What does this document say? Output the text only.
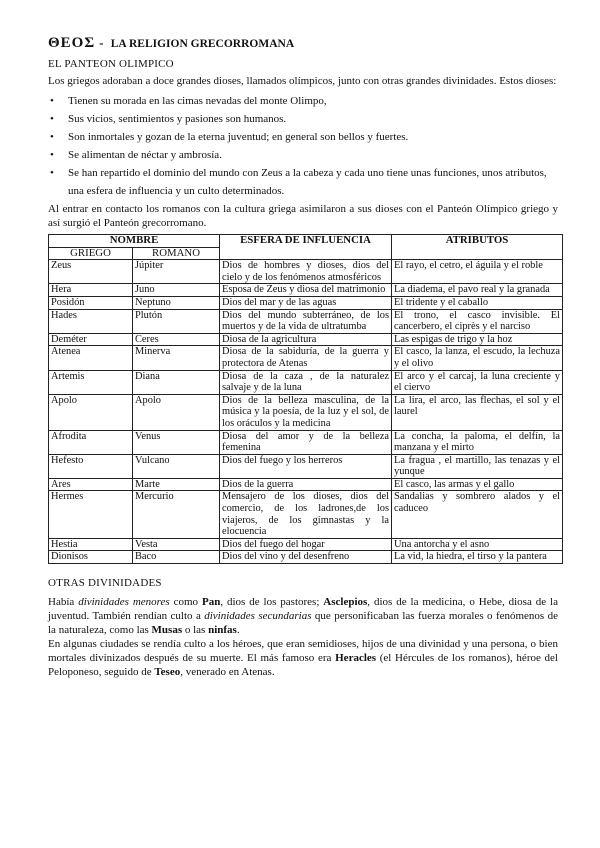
ΘΕΟΣ - LA RELIGION GRECORROMANA
EL PANTEON OLIMPICO

Los griegos adoraban a doce grandes dioses, llamados olímpicos, junto con otras grandes divinidades. Estos dioses:

• Tienen su morada en las cimas nevadas del monte Olimpo,
• Sus vicios, sentimientos y pasiones son humanos.
• Son inmortales y gozan de la eterna juventud; en general son bellos y fuertes.
• Se alimentan de néctar y ambrosía.
• Se han repartido el dominio del mundo con Zeus a la cabeza y cada uno tiene unas funciones, unos atributos, una esfera de influencia y un culto determinados.

Al entrar en contacto los romanos con la cultura griega asimilaron a sus dioses con el Panteón Olímpico griego y así surgió el Panteón grecorromano.

NOMBRE		ESFERA DE INFLUENCIA	ATRIBUTOS
GRIEGO	ROMANO		
Zeus	Júpiter	Dios de hombres y dioses, dios del cielo y de los fenómenos atmosféricos	El rayo, el cetro, el águila y el roble
Hera	Juno	Esposa de Zeus y diosa del matrimonio	La diadema, el pavo real y la granada
Posidón	Neptuno	Dios del mar y de las aguas	El tridente y el caballo
Hades	Plutón	Dios del mundo subterráneo, de los muertos y de la vida de ultratumba	El trono, el casco invisible. El cancerbero, el ciprès y el narciso
Deméter	Ceres	Diosa de la agricultura	Las espigas de trigo y la hoz
Atenea	Minerva	Diosa de la sabiduría, de la guerra y protectora de Atenas	El casco, la lanza, el escudo, la lechuza y el olivo
Artemis	Diana	Diosa de la caza , de la naturalez salvaje y de la luna	El arco y el carcaj, la luna creciente y el ciervo
Apolo	Apolo	Dios de la belleza masculina, de la música y la poesía, de la luz y el sol, de los oráculos y la medicina	La lira, el arco, las flechas, el sol y el laurel
Afrodita	Venus	Diosa del amor y de la belleza femenina	La concha, la paloma, el delfín, la manzana y el mirto
Hefesto	Vulcano	Dios del fuego y los herreros	La fragua , el martillo, las tenazas y el yunque
Ares	Marte	Dios de la guerra	El casco, las armas y el gallo
Hermes	Mercurio	Mensajero de los dioses, dios del comercio, de los ladrones,de los viajeros, de los gimnastas y la elocuencia	Sandalias y sombrero alados y el caduceo
Hestia	Vesta	Dios del fuego del hogar	Una antorcha y el asno
Dionisos	Baco	Dios del vino y del desenfreno	La vid, la hiedra, el tirso y la pantera
OTRAS DIVINIDADES

Había divinidades menores como Pan, dios de los pastores; Asclepios, dios de la medicina, o Hebe, diosa de la juventud. También rendían culto a divinidades secundarias que personificaban las fuerza morales o fenómenos de la naturaleza, como las Musas o las ninfas.

En algunas ciudades se rendía culto a los héroes, que eran semidioses, hijos de una divinidad y una persona, o bien mortales divinizados después de su muerte. El más famoso era Heracles (el Hércules de los romanos), héroe del Peloponeso, seguido de Teseo, venerado en Atenas.
